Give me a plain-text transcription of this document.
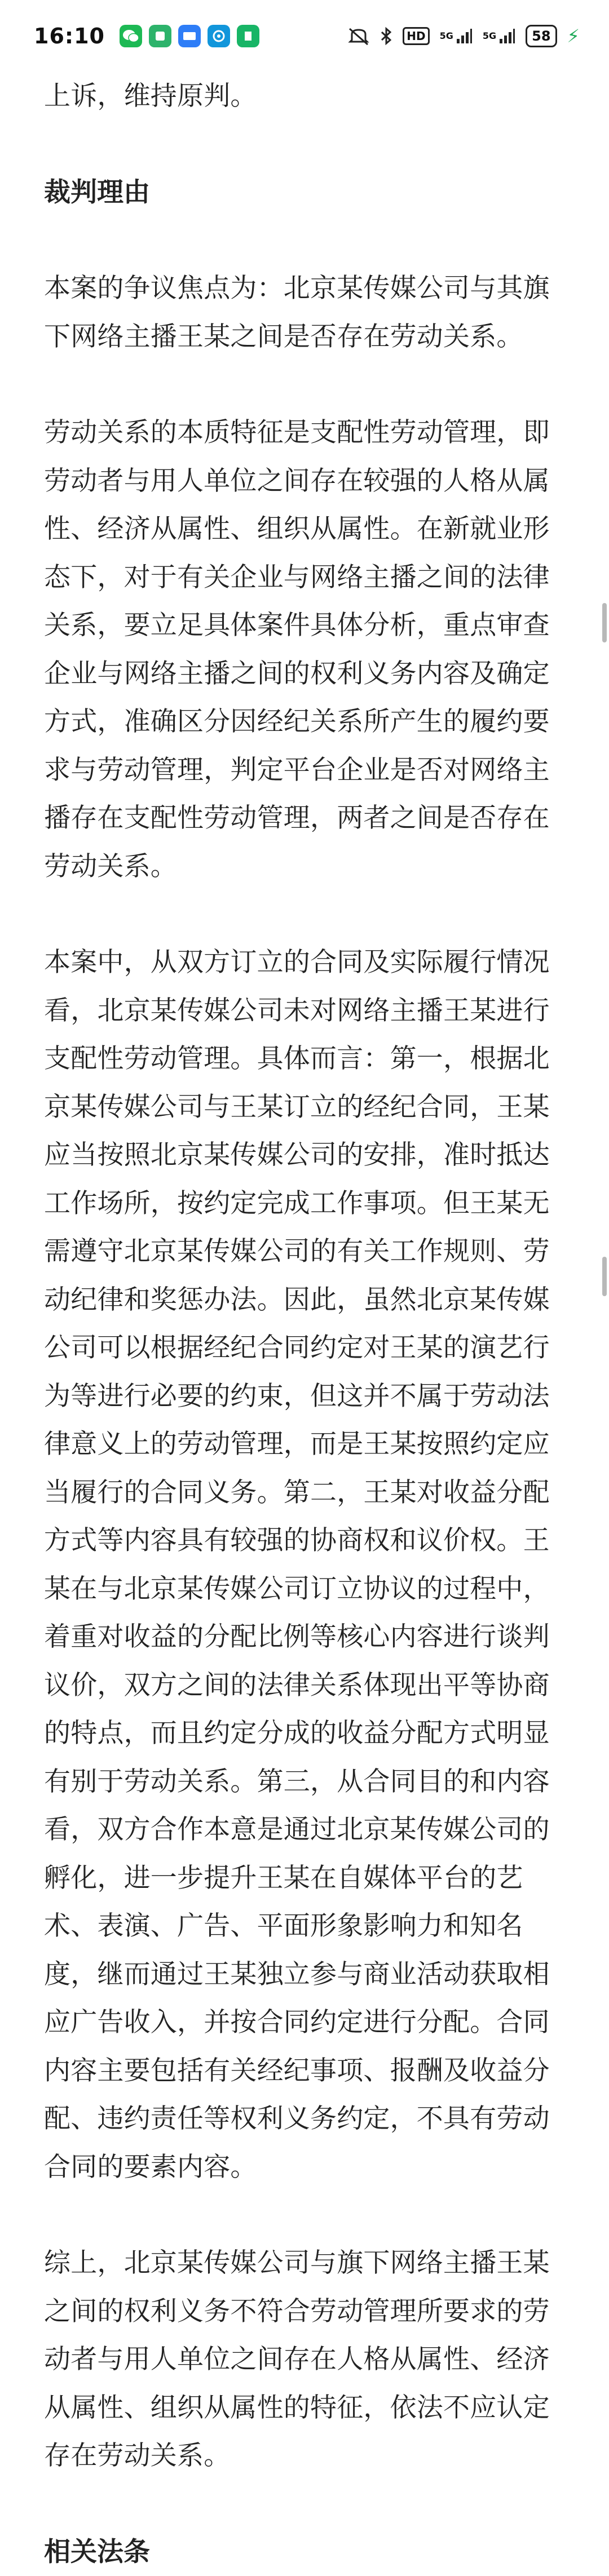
16:10	HD	5G	5G	58 ⚡

上诉，维持原判。

裁判理由

本案的争议焦点为：北京某传媒公司与其旗下网络主播王某之间是否存在劳动关系。

劳动关系的本质特征是支配性劳动管理，即劳动者与用人单位之间存在较强的人格从属性、经济从属性、组织从属性。在新就业形态下，对于有关企业与网络主播之间的法律关系，要立足具体案件具体分析，重点审查企业与网络主播之间的权利义务内容及确定方式，准确区分因经纪关系所产生的履约要求与劳动管理，判定平台企业是否对网络主播存在支配性劳动管理，两者之间是否存在劳动关系。

本案中，从双方订立的合同及实际履行情况看，北京某传媒公司未对网络主播王某进行支配性劳动管理。具体而言：第一，根据北京某传媒公司与王某订立的经纪合同，王某应当按照北京某传媒公司的安排，准时抵达工作场所，按约定完成工作事项。但王某无需遵守北京某传媒公司的有关工作规则、劳动纪律和奖惩办法。因此，虽然北京某传媒公司可以根据经纪合同约定对王某的演艺行为等进行必要的约束，但这并不属于劳动法律意义上的劳动管理，而是王某按照约定应当履行的合同义务。第二，王某对收益分配方式等内容具有较强的协商权和议价权。王某在与北京某传媒公司订立协议的过程中，着重对收益的分配比例等核心内容进行谈判议价，双方之间的法律关系体现出平等协商的特点，而且约定分成的收益分配方式明显有别于劳动关系。第三，从合同目的和内容看，双方合作本意是通过北京某传媒公司的孵化，进一步提升王某在自媒体平台的艺术、表演、广告、平面形象影响力和知名度，继而通过王某独立参与商业活动获取相应广告收入，并按合同约定进行分配。合同内容主要包括有关经纪事项、报酬及收益分配、违约责任等权利义务约定，不具有劳动合同的要素内容。

综上，北京某传媒公司与旗下网络主播王某之间的权利义务不符合劳动管理所要求的劳动者与用人单位之间存在人格从属性、经济从属性、组织从属性的特征，依法不应认定存在劳动关系。

相关法条
